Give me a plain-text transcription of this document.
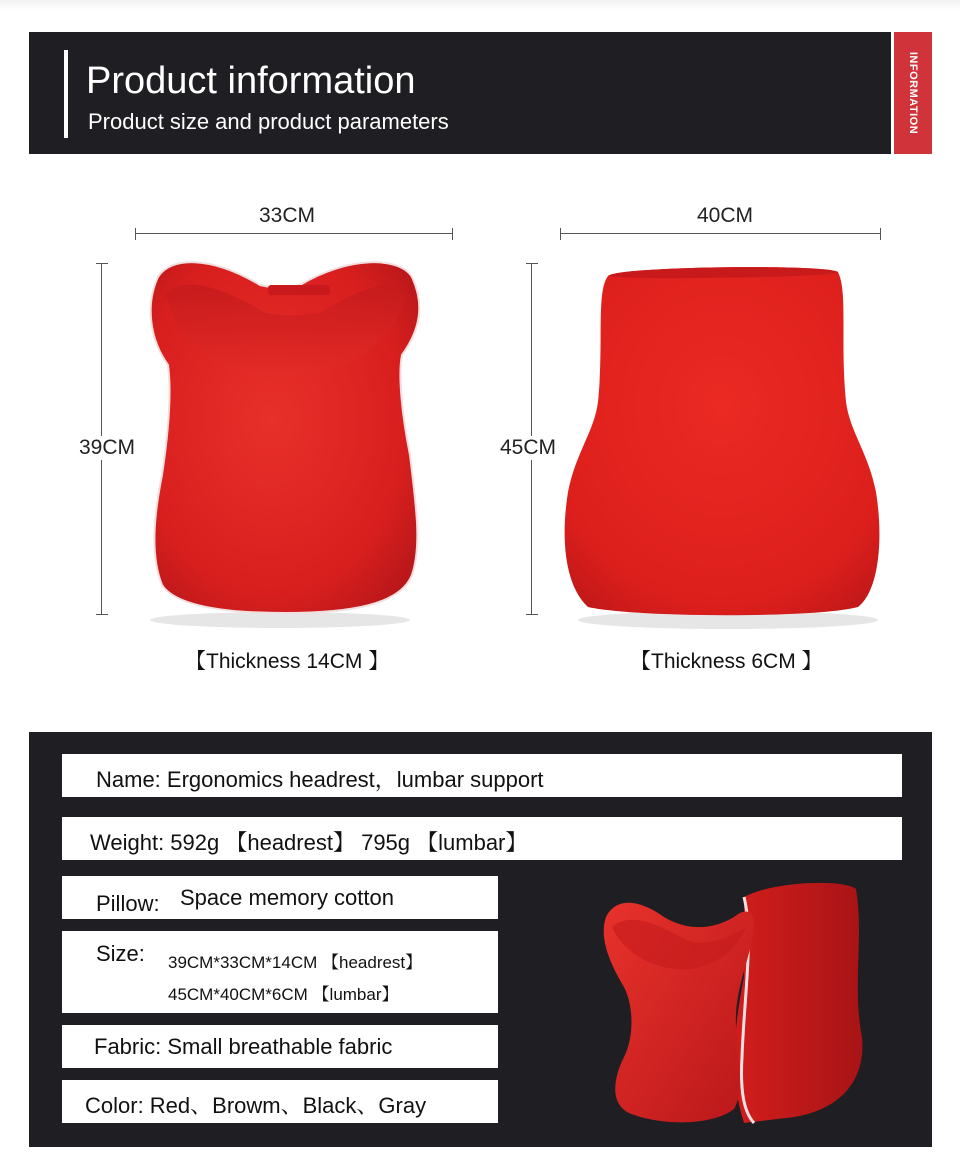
Product information
Product size and product parameters	INFORMATION
33CM
39CM
【Thickness 14CM 】
40CM
45CM
【Thickness 6CM 】
Name: Ergonomics headrest，lumbar support
Weight: 592g 【headrest】 795g 【lumbar】
Pillow: Space memory cotton
Size: 39CM*33CM*14CM 【headrest】
45CM*40CM*6CM 【lumbar】
Fabric: Small breathable fabric
Color: Red、Browm、Black、Gray
